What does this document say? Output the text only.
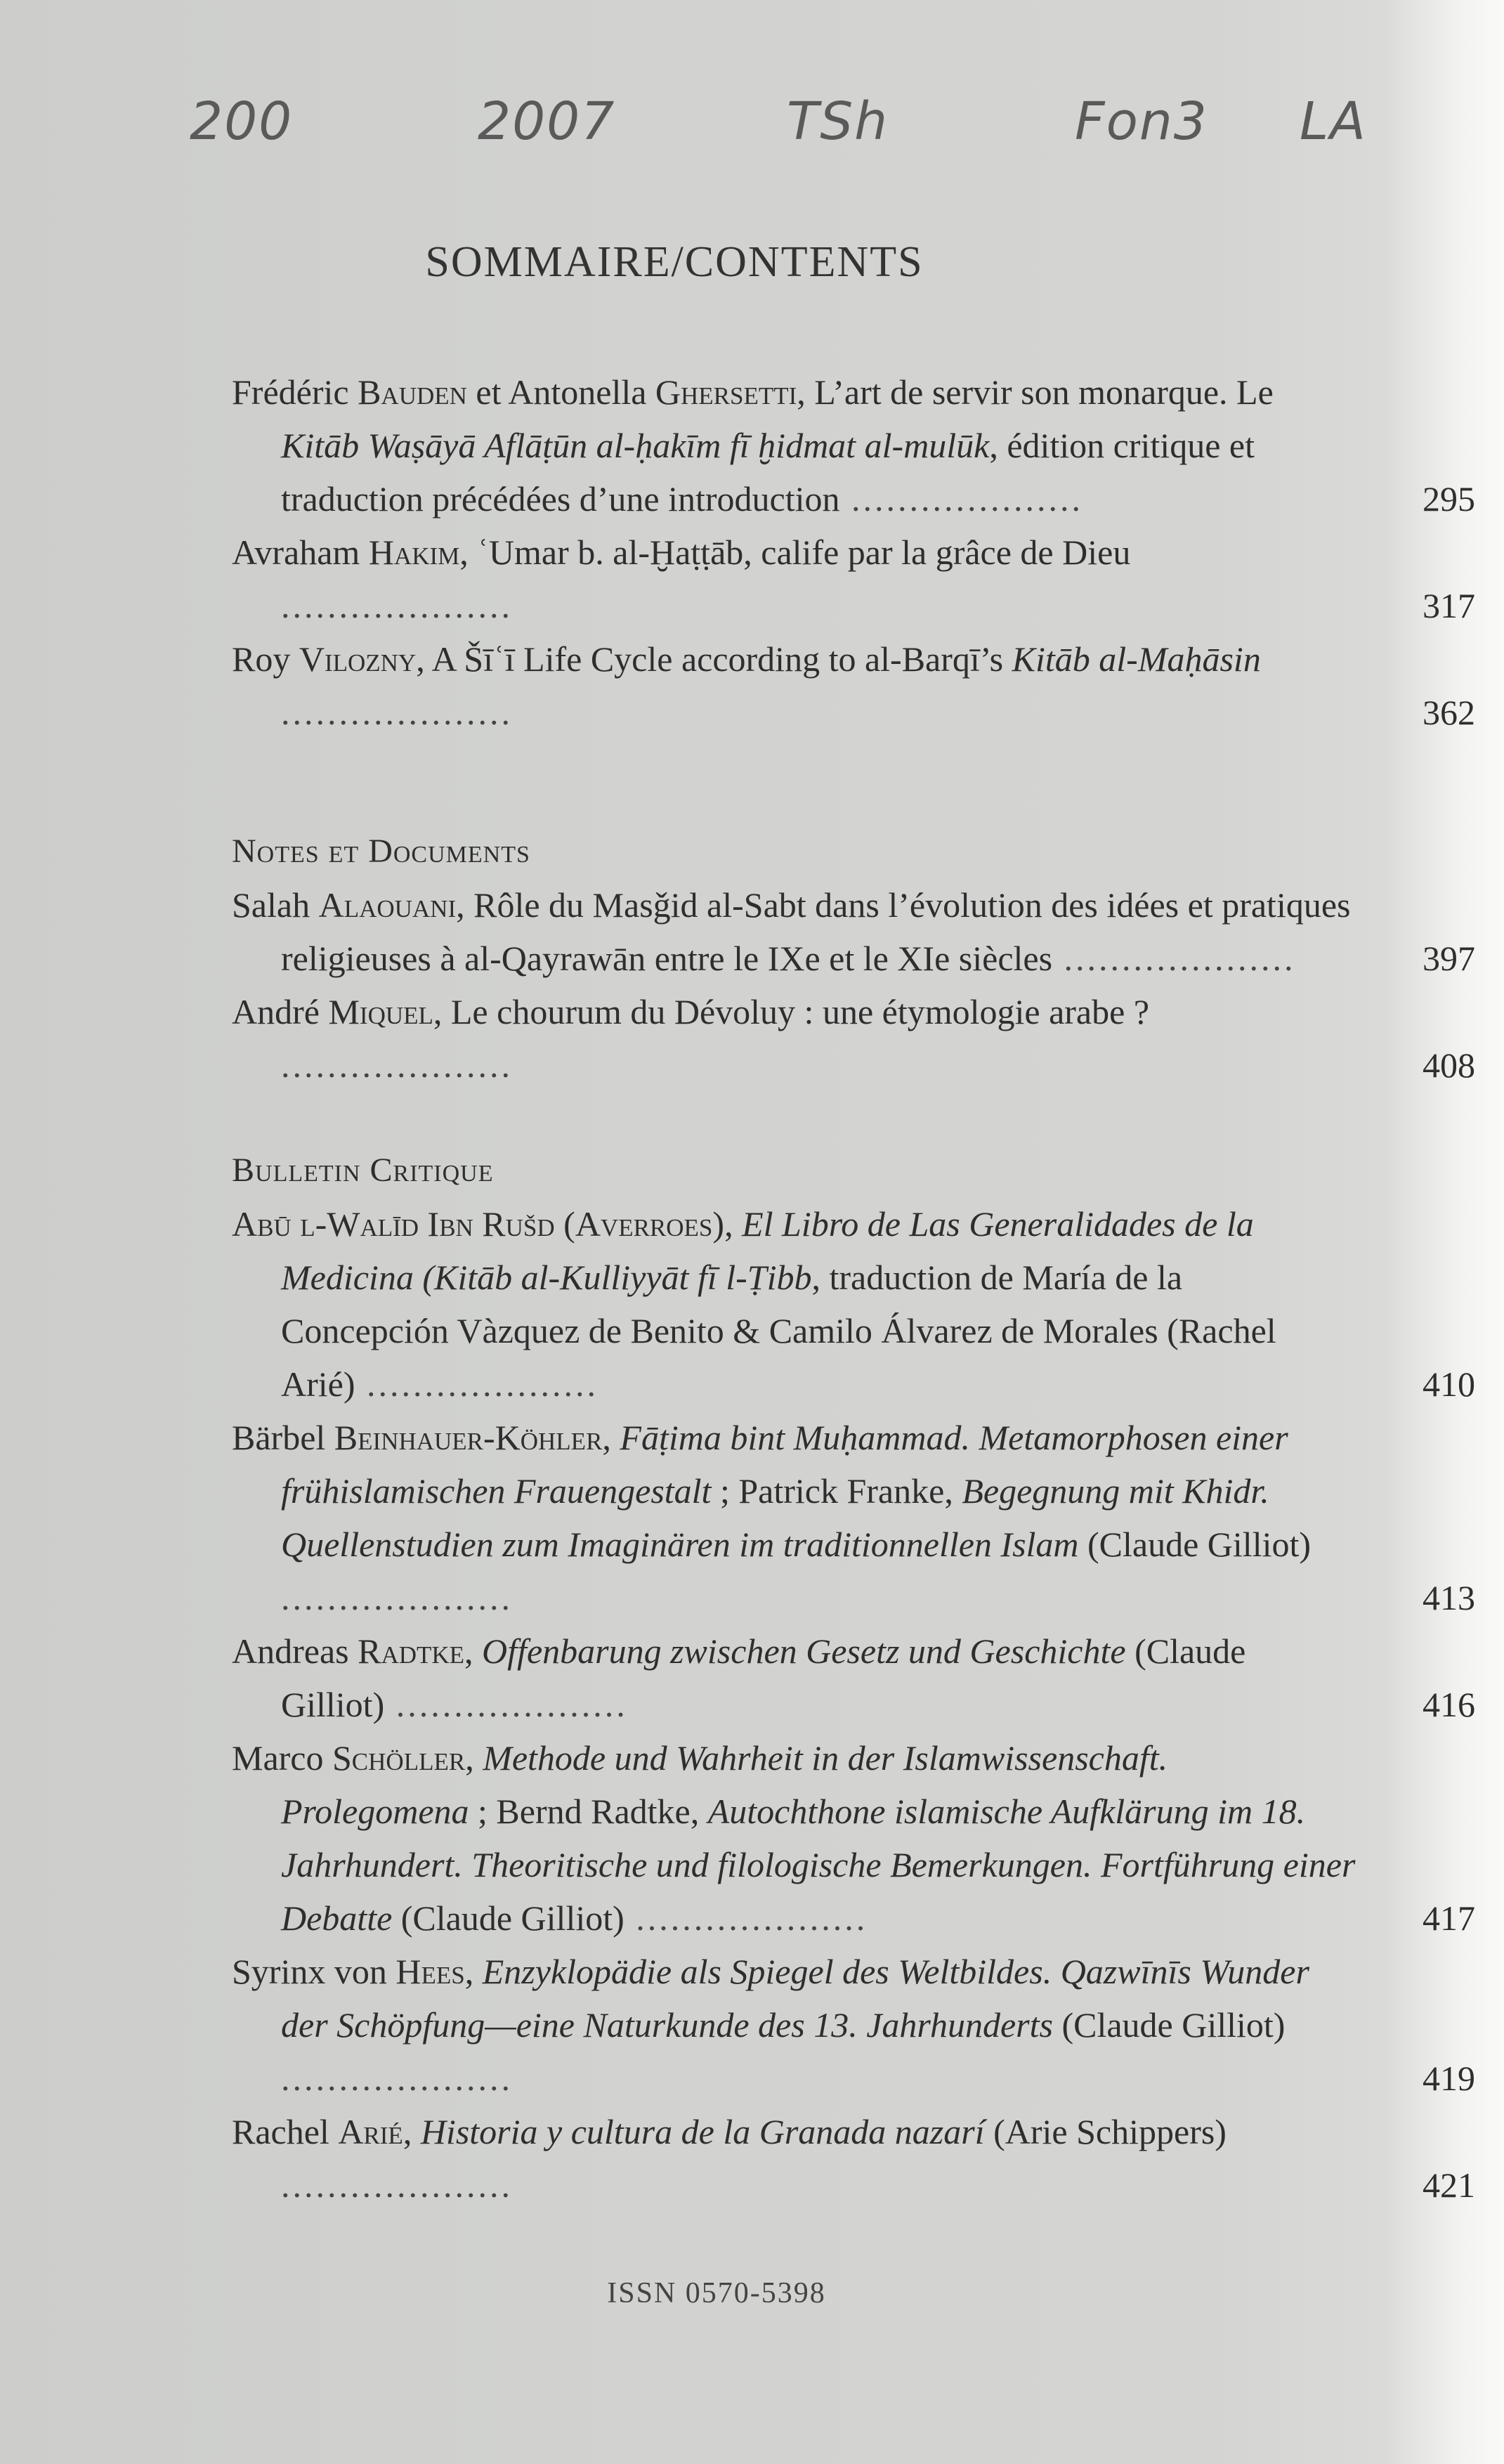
200	2007	TSh	Fon3 LA
SOMMAIRE/CONTENTS

Frédéric Bauden et Antonella Ghersetti, L’art de servir son monarque. Le Kitāb Waṣāyā Aflāṭūn al-ḥakīm fī ḫidmat al-mulūk, édition critique et traduction précédées d’une introduction ....................	295

Avraham Hakim, ʿUmar b. al-Ḫaṭṭāb, calife par la grâce de Dieu ....................	317

Roy Vilozny, A Šīʿī Life Cycle according to al-Barqī’s Kitāb al-Maḥāsin ....................	362

Notes et Documents

Salah Alaouani, Rôle du Masǧid al-Sabt dans l’évolution des idées et pratiques religieuses à al-Qayrawān entre le IXe et le XIe siècles ....................	397

André Miquel, Le chourum du Dévoluy : une étymologie arabe ? ....................	408

Bulletin Critique

Abū l-Walīd Ibn Rušd (Averroes), El Libro de Las Generalidades de la Medicina (Kitāb al-Kulliyyāt fī l-Ṭibb, traduction de María de la Concepción Vàzquez de Benito & Camilo Álvarez de Morales (Rachel Arié) ....................	410

Bärbel Beinhauer-Köhler, Fāṭima bint Muḥammad. Metamorphosen einer frühislamischen Frauengestalt ; Patrick Franke, Begegnung mit Khidr. Quellenstudien zum Imaginären im traditionnellen Islam (Claude Gilliot) ....................	413

Andreas Radtke, Offenbarung zwischen Gesetz und Geschichte (Claude Gilliot) ....................	416

Marco Schöller, Methode und Wahrheit in der Islamwissenschaft. Prolegomena ; Bernd Radtke, Autochthone islamische Aufklärung im 18. Jahrhundert. Theoritische und filologische Bemerkungen. Fortführung einer Debatte (Claude Gilliot) ....................	417

Syrinx von Hees, Enzyklopädie als Spiegel des Weltbildes. Qazwīnīs Wunder der Schöpfung—eine Naturkunde des 13. Jahrhunderts (Claude Gilliot) ....................	419

Rachel Arié, Historia y cultura de la Granada nazarí (Arie Schippers) ....................	421

ISSN 0570-5398
